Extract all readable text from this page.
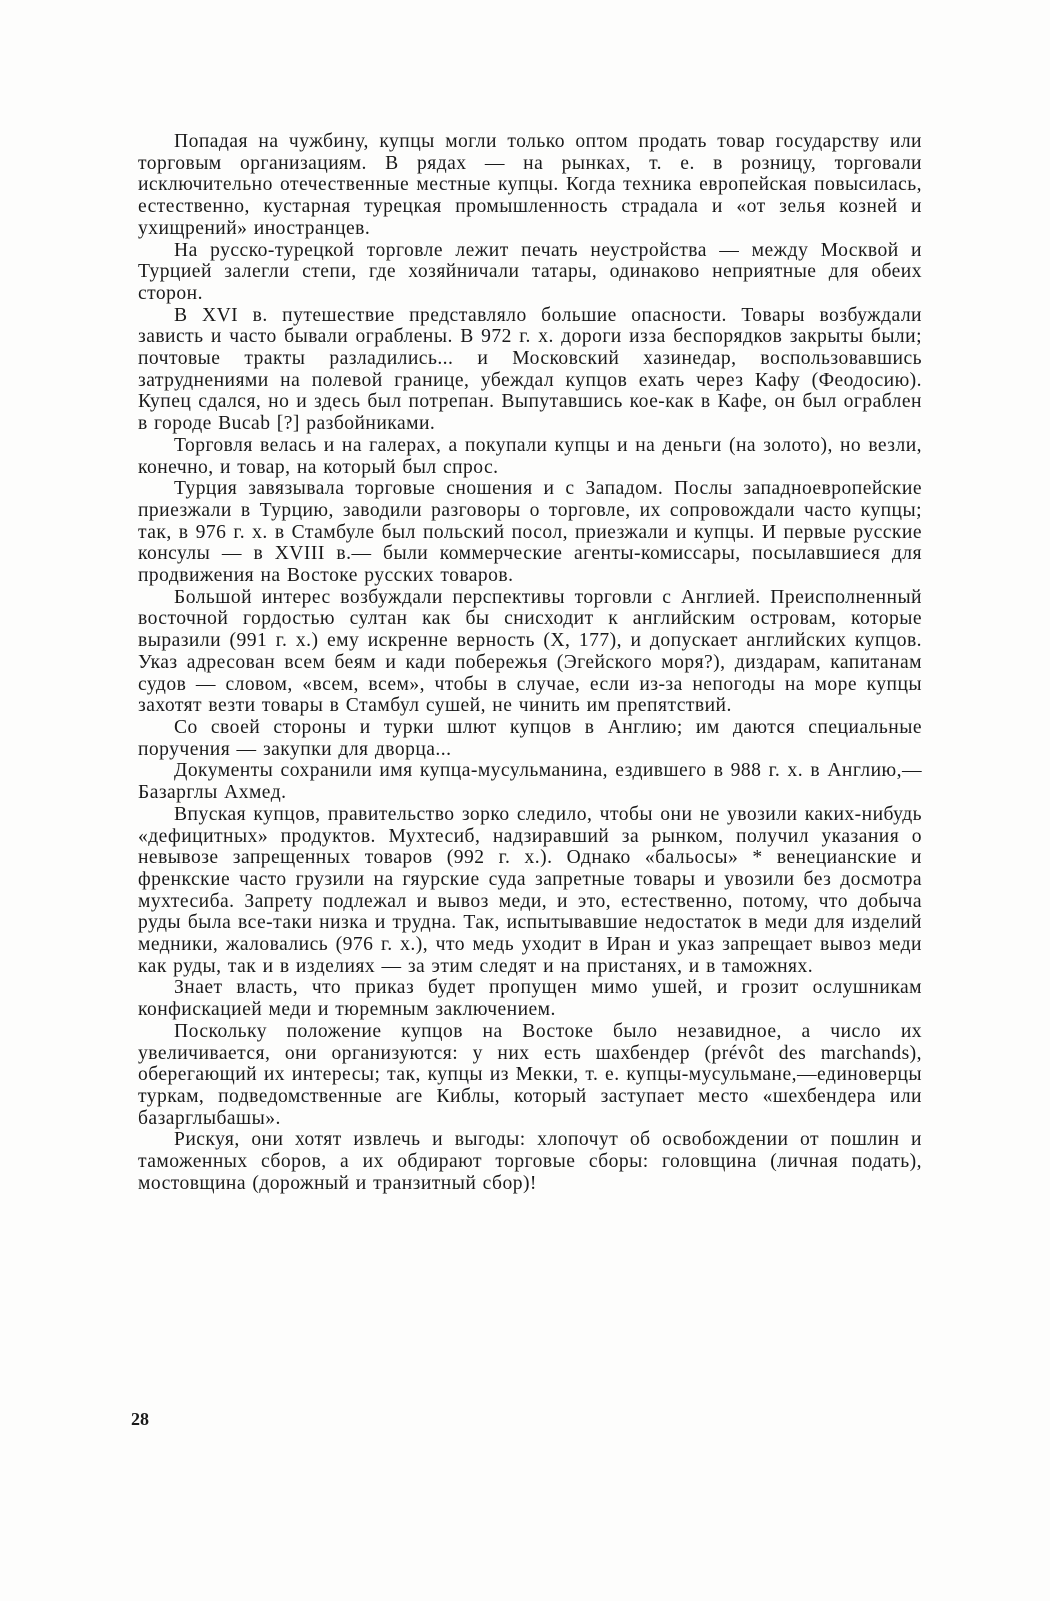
Попадая на чужбину, купцы могли только оптом продать товар государству или торговым организациям. В рядах — на рынках, т. е. в розницу, торговали исключительно отечественные местные купцы. Когда техника европейская повысилась, естественно, кустарная турецкая промышленность страдала и «от зелья козней и ухищрений» иностранцев.

На русско-турецкой торговле лежит печать неустройства — между Москвой и Турцией залегли степи, где хозяйничали татары, одинаково неприятные для обеих сторон.

В XVI в. путешествие представляло большие опасности. Товары возбуждали зависть и часто бывали ограблены. В 972 г. х. дороги изза беспорядков закрыты были; почтовые тракты разладились... и Московский хазинедар, воспользовавшись затруднениями на полевой границе, убеждал купцов ехать через Кафу (Феодосию). Купец сдался, но и здесь был потрепан. Выпутавшись кое-как в Кафе, он был ограблен в городе Bucab [?] разбойниками.

Торговля велась и на галерах, а покупали купцы и на деньги (на золото), но везли, конечно, и товар, на который был спрос.

Турция завязывала торговые сношения и с Западом. Послы западноевропейские приезжали в Турцию, заводили разговоры о торговле, их сопровождали часто купцы; так, в 976 г. х. в Стамбуле был польский посол, приезжали и купцы. И первые русские консулы — в XVIII в.— были коммерческие агенты-комиссары, посылавшиеся для продвижения на Востоке русских товаров.

Большой интерес возбуждали перспективы торговли с Англией. Преисполненный восточной гордостью султан как бы снисходит к английским островам, которые выразили (991 г. х.) ему искренне верность (X, 177), и допускает английских купцов. Указ адресован всем беям и кади побережья (Эгейского моря?), диздарам, капитанам судов — словом, «всем, всем», чтобы в случае, если из-за непогоды на море купцы захотят везти товары в Стамбул сушей, не чинить им препятствий.

Со своей стороны и турки шлют купцов в Англию; им даются специальные поручения — закупки для дворца...

Документы сохранили имя купца-мусульманина, ездившего в 988 г. х. в Англию,— Базарглы Ахмед.

Впуская купцов, правительство зорко следило, чтобы они не увозили каких-нибудь «дефицитных» продуктов. Мухтесиб, надзиравший за рынком, получил указания о невывозе запрещенных товаров (992 г. х.). Однако «бальосы» * венецианские и френкские часто грузили на гяурские суда запретные товары и увозили без досмотра мухтесиба. Запрету подлежал и вывоз меди, и это, естественно, потому, что добыча руды была все-таки низка и трудна. Так, испытывавшие недостаток в меди для изделий медники, жаловались (976 г. х.), что медь уходит в Иран и указ запрещает вывоз меди как руды, так и в изделиях — за этим следят и на пристанях, и в таможнях.

Знает власть, что приказ будет пропущен мимо ушей, и грозит ослушникам конфискацией меди и тюремным заключением.

Поскольку положение купцов на Востоке было незавидное, а число их увеличивается, они организуются: у них есть шахбендер (prévôt des marchands), оберегающий их интересы; так, купцы из Мекки, т. е. купцы-мусульмане,—единоверцы туркам, подведомственные аге Киблы, который заступает место «шехбендера или базарглыбашы».

Рискуя, они хотят извлечь и выгоды: хлопочут об освобождении от пошлин и таможенных сборов, а их обдирают торговые сборы: головщина (личная подать), мостовщина (дорожный и транзитный сбор)!

28
